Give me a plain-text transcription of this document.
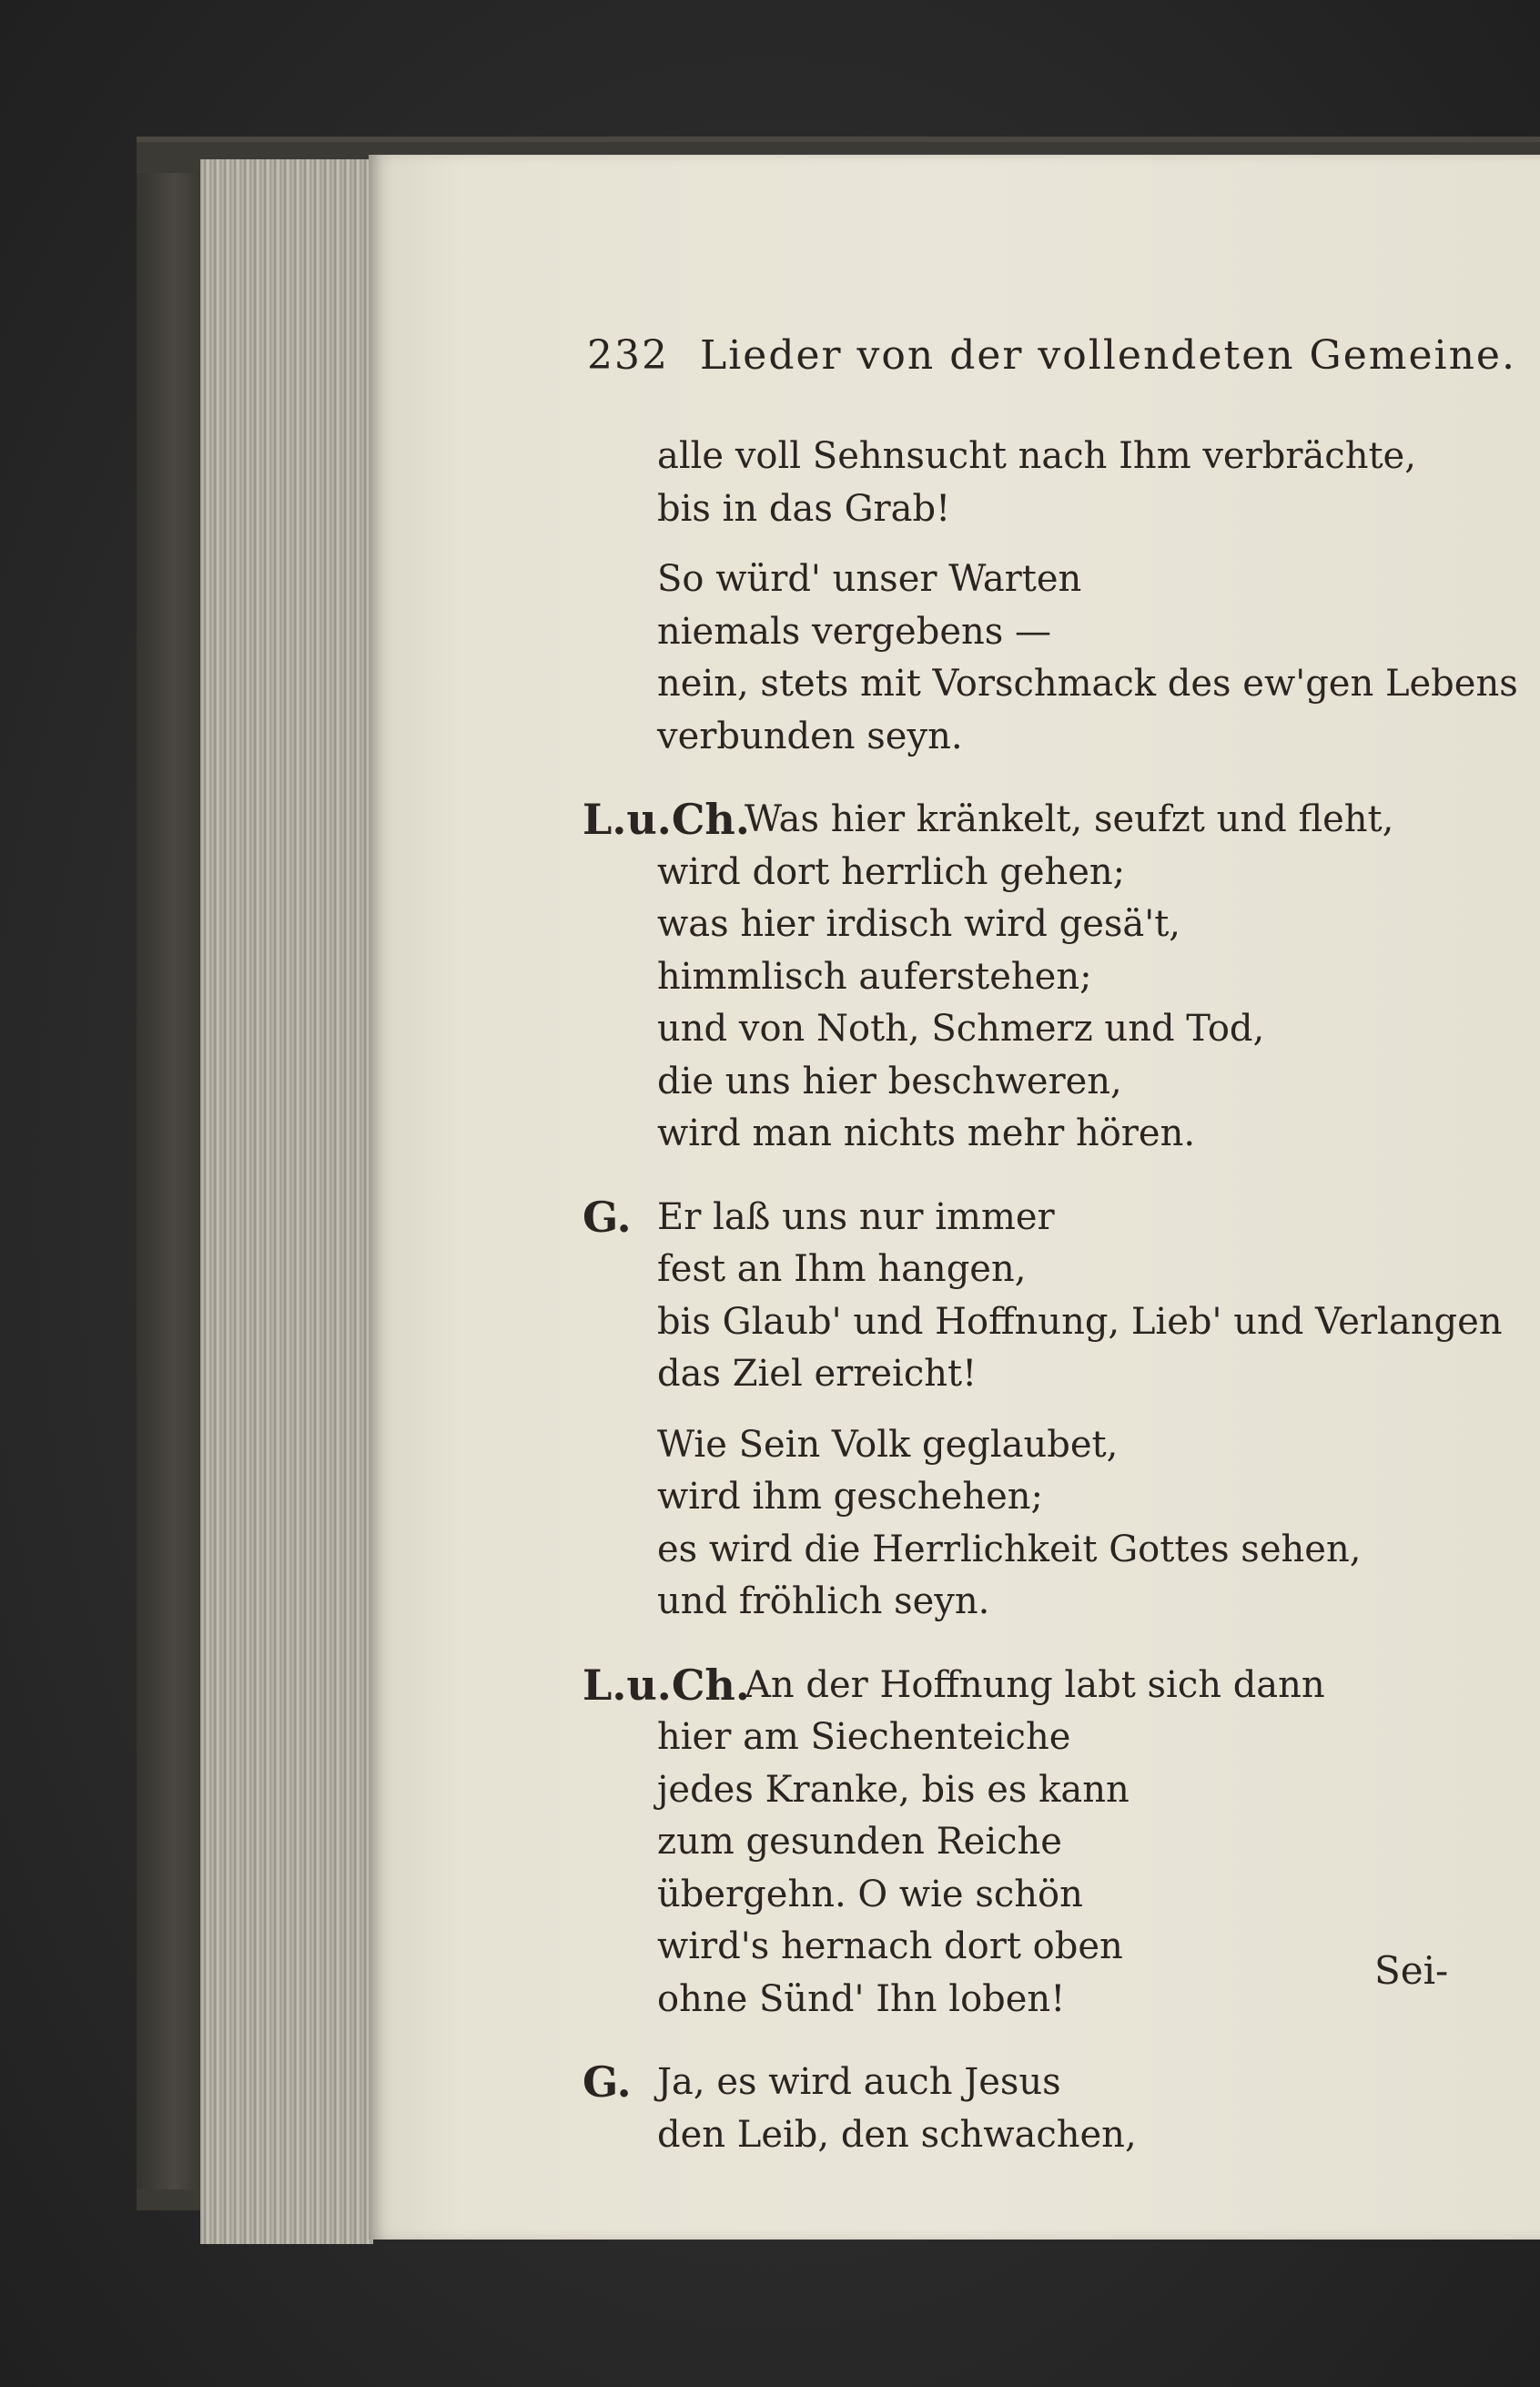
232 Lieder von der vollendeten Gemeine.
alle voll Sehnsucht nach Ihm verbrächte,
bis in das Grab!
So würd' unser Warten
niemals vergebens —
nein, stets mit Vorschmack des ew'gen Lebens
verbunden seyn.
L.u.Ch.
Was hier kränkelt, seufzt und fleht,
wird dort herrlich gehen;
was hier irdisch wird gesä't,
himmlisch auferstehen;
und von Noth, Schmerz und Tod,
die uns hier beschweren,
wird man nichts mehr hören.
G. Er laß uns nur immer
fest an Ihm hangen,
bis Glaub' und Hoffnung, Lieb' und Verlangen
das Ziel erreicht!
Wie Sein Volk geglaubet,
wird ihm geschehen;
es wird die Herrlichkeit Gottes sehen,
und fröhlich seyn.
L.u.Ch.
An der Hoffnung labt sich dann
hier am Siechenteiche
jedes Kranke, bis es kann
zum gesunden Reiche
übergehn. O wie schön
wird's hernach dort oben
ohne Sünd' Ihn loben!
G. Ja, es wird auch Jesus
den Leib, den schwachen,
Sei-
